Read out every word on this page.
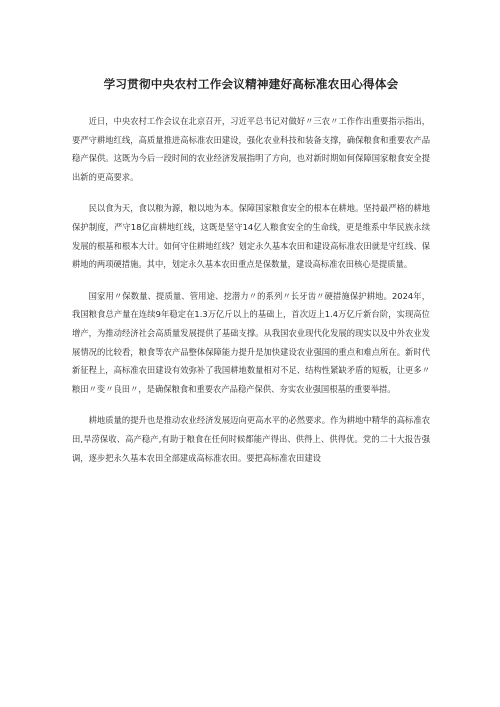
学习贯彻中央农村工作会议精神建好高标准农田心得体会

近日，中央农村工作会议在北京召开，习近平总书记对做好〃三农〃工作作出重要指示指出，要严守耕地红线，高质量推进高标准农田建设，强化农业科技和装备支撑，确保粮食和重要农产品稳产保供。这既为今后一段时间的农业经济发展指明了方向，也对新时期如何保障国家粮食安全提出新的更高要求。

民以食为天，食以粮为源，粮以地为本。保障国家粮食安全的根本在耕地。坚持最严格的耕地保护制度，严守18亿亩耕地红线，这既是坚守14亿人粮食安全的生命线，更是维系中华民族永续发展的根基和根本大计。如何守住耕地红线？划定永久基本农田和建设高标准农田就是守红线、保耕地的两项硬措施。其中，划定永久基本农田重点是保数量，建设高标准农田核心是提质量。

国家用〃保数量、提质量、管用途、挖潜力〃的系列〃长牙齿〃硬措施保护耕地。2024年，我国粮食总产量在连续9年稳定在1.3万亿斤以上的基础上，首次迈上1.4万亿斤新台阶，实现高位增产，为推动经济社会高质量发展提供了基础支撑。从我国农业现代化发展的现实以及中外农业发展情况的比较看，粮食等农产品整体保障能力提升是加快建设农业强国的重点和难点所在。新时代新征程上，高标准农田建设有效弥补了我国耕地数量相对不足、结构性紧缺矛盾的短板，让更多〃粮田〃变〃良田〃，是确保粮食和重要农产品稳产保供、夯实农业强国根基的重要举措。

耕地质量的提升也是推动农业经济发展迈向更高水平的必然要求。作为耕地中精华的高标准农田,旱涝保收、高产稳产,有助于粮食在任何时候都能产得出、供得上、供得优。党的二十大报告强调，逐步把永久基本农田全部建成高标准农田。要把高标准农田建设
